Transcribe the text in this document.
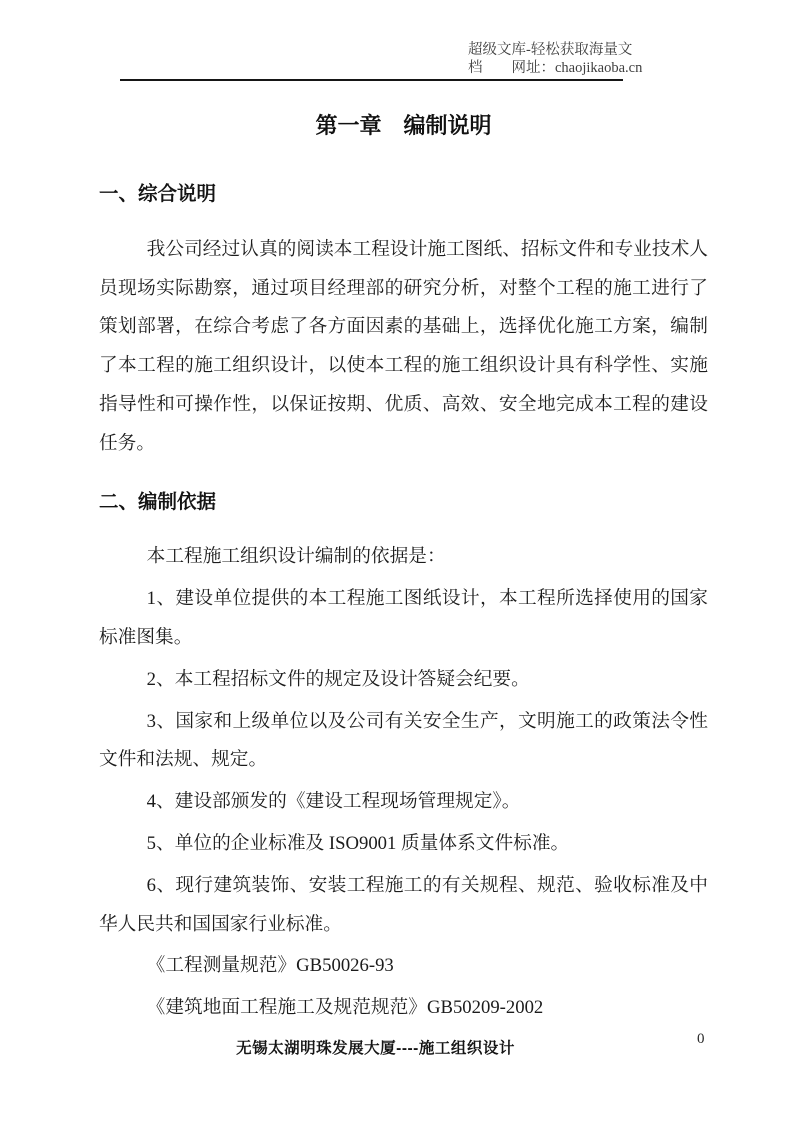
超级文库-轻松获取海量文
档　　网址：chaojikaoba.cn
第一章　编制说明
一、综合说明
我公司经过认真的阅读本工程设计施工图纸、招标文件和专业技术人
员现场实际勘察，通过项目经理部的研究分析，对整个工程的施工进行了
策划部署，在综合考虑了各方面因素的基础上，选择优化施工方案，编制
了本工程的施工组织设计，以使本工程的施工组织设计具有科学性、实施
指导性和可操作性，以保证按期、优质、高效、安全地完成本工程的建设
任务。
二、编制依据
本工程施工组织设计编制的依据是：
1、建设单位提供的本工程施工图纸设计，本工程所选择使用的国家
标准图集。
2、本工程招标文件的规定及设计答疑会纪要。
3、国家和上级单位以及公司有关安全生产，文明施工的政策法令性
文件和法规、规定。
4、建设部颁发的《建设工程现场管理规定》。
5、单位的企业标准及 ISO9001 质量体系文件标准。
6、现行建筑装饰、安装工程施工的有关规程、规范、验收标准及中
华人民共和国国家行业标准。
《工程测量规范》GB50026-93
《建筑地面工程施工及规范规范》GB50209-2002
无锡太湖明珠发展大厦----施工组织设计
0
